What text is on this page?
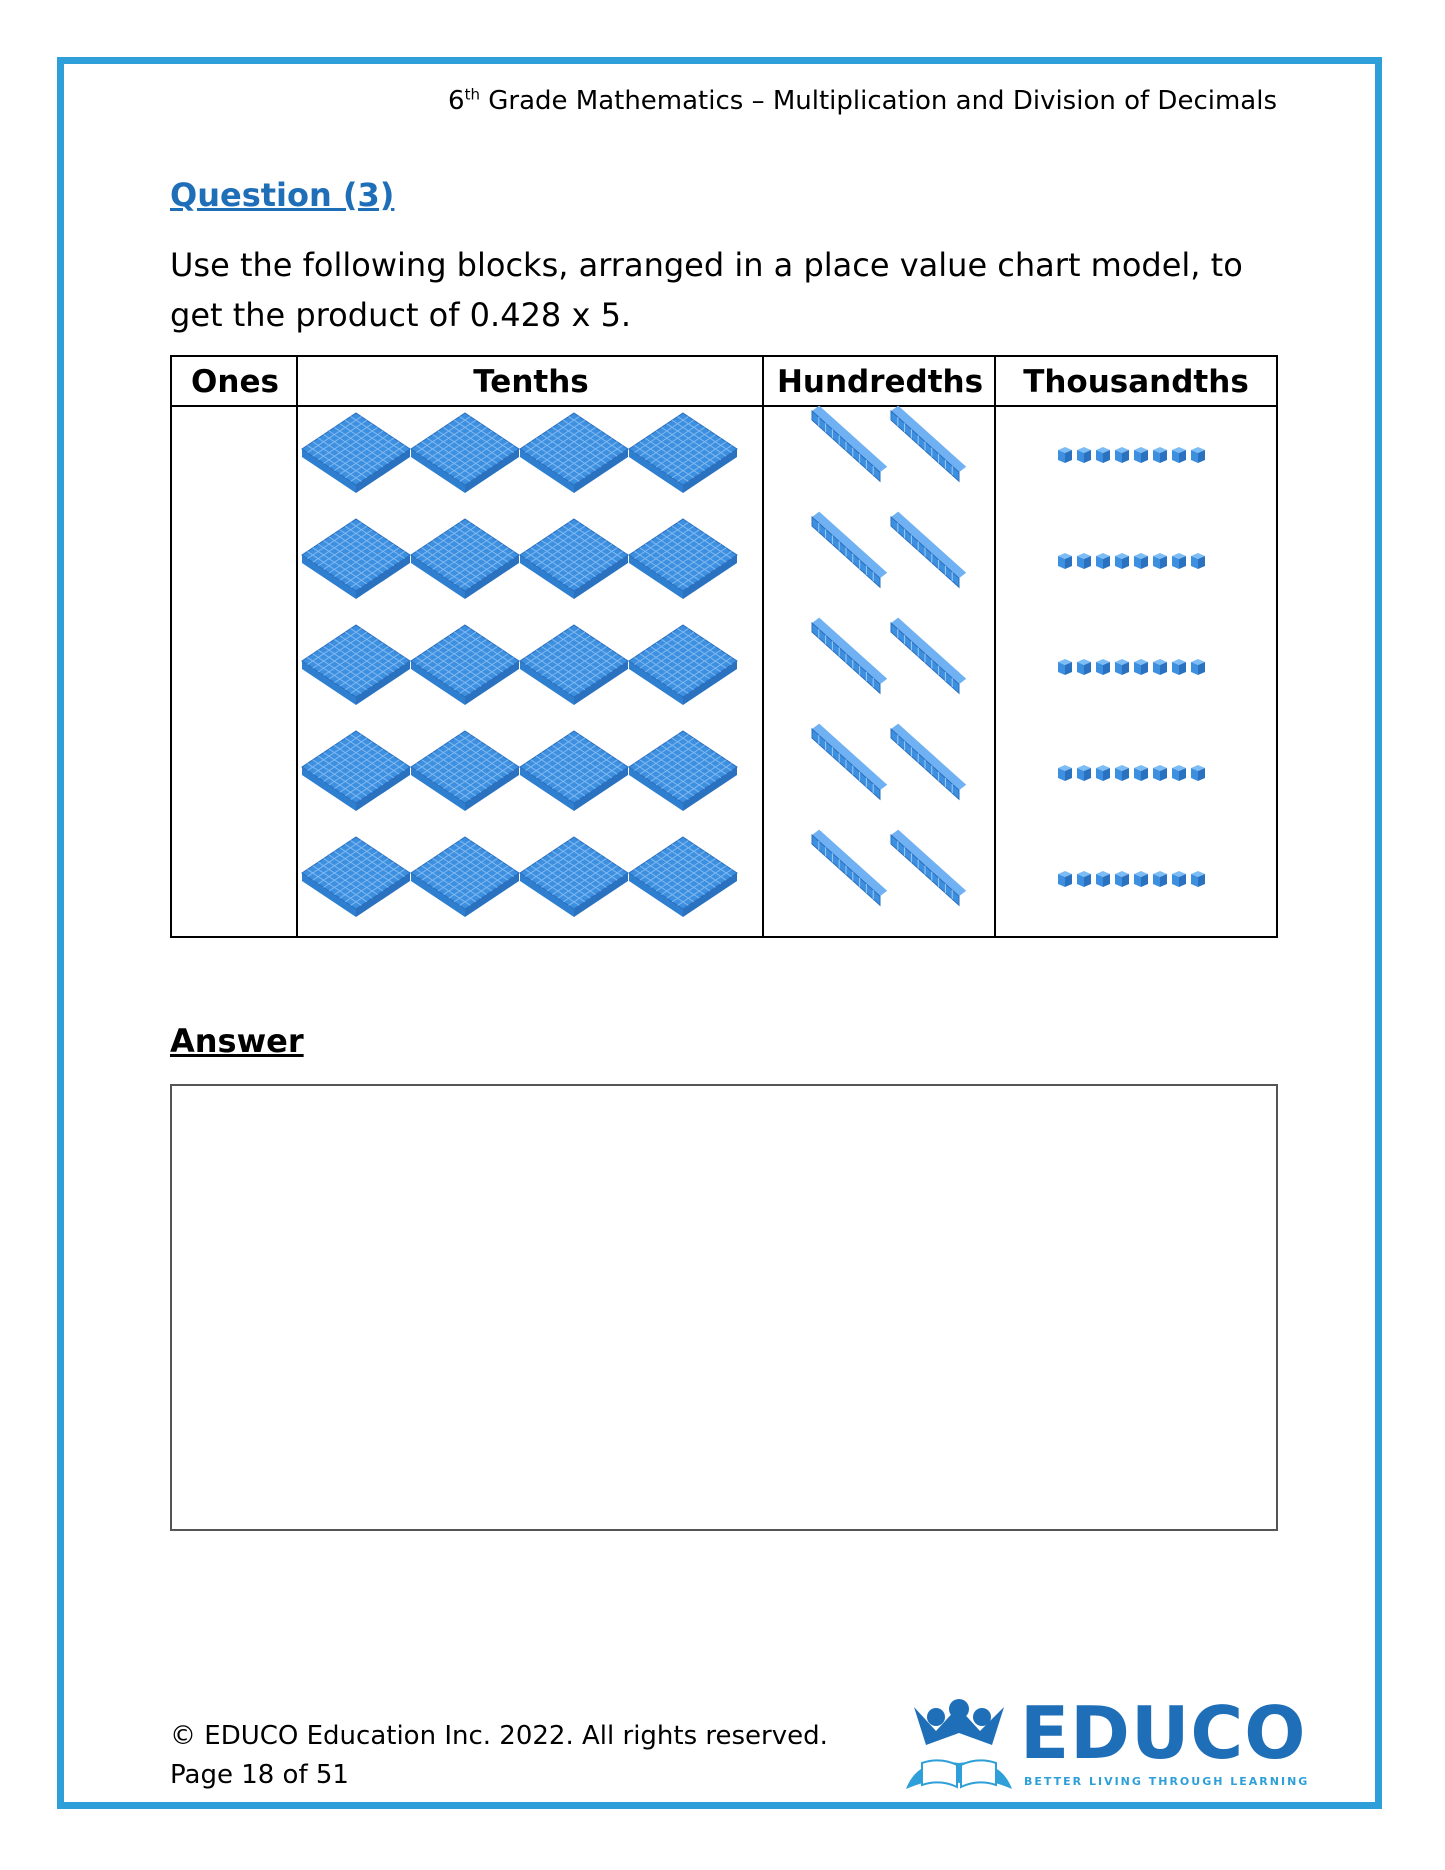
6th Grade Mathematics – Multiplication and Division of Decimals
Question (3)
Use the following blocks, arranged in a place value chart model, to get the product of 0.428 x 5.
Ones	Tenths	Hundredths	Thousandths
Answer
© EDUCO Education Inc. 2022. All rights reserved.
Page 18 of 51	EDUCO
BETTER LIVING THROUGH LEARNING
